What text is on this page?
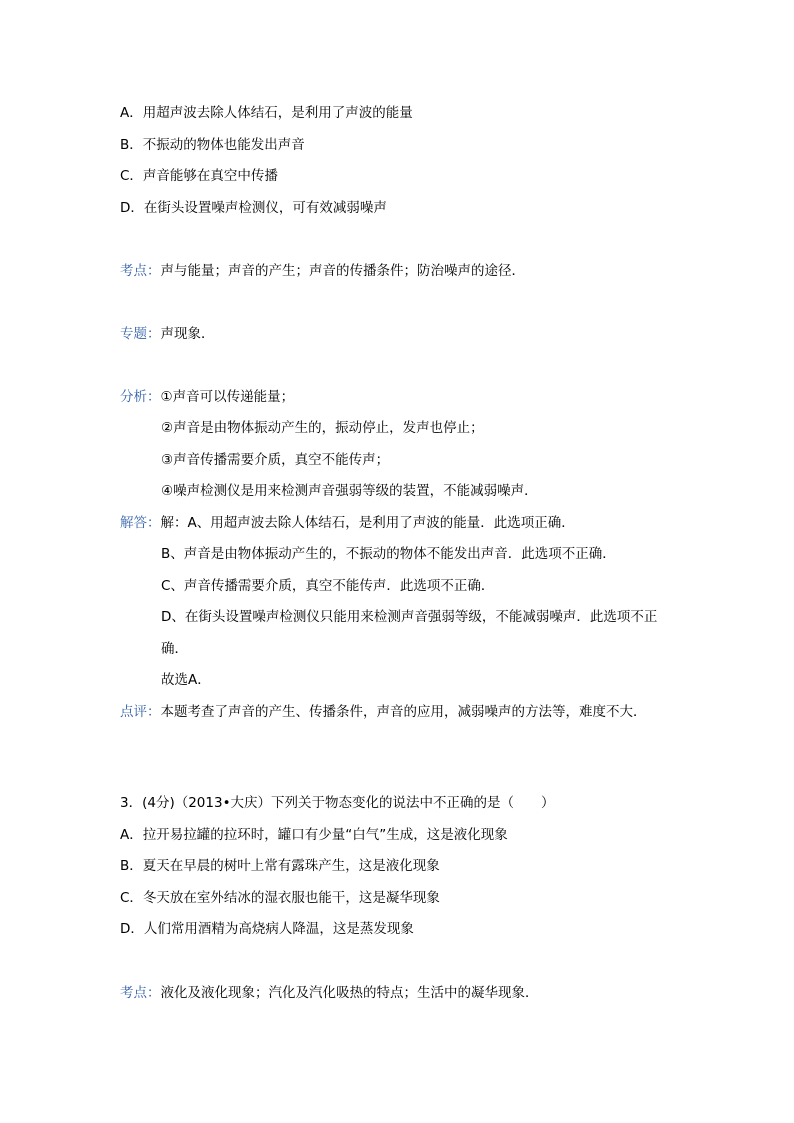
A．用超声波去除人体结石，是利用了声波的能量
B．不振动的物体也能发出声音
C．声音能够在真空中传播
D．在街头设置噪声检测仪，可有效减弱噪声
考点：声与能量；声音的产生；声音的传播条件；防治噪声的途径．
专题：声现象．
分析：①声音可以传递能量；
②声音是由物体振动产生的，振动停止，发声也停止；
③声音传播需要介质，真空不能传声；
④噪声检测仪是用来检测声音强弱等级的装置，不能减弱噪声．
解答：解：A、用超声波去除人体结石，是利用了声波的能量．此选项正确．
B、声音是由物体振动产生的，不振动的物体不能发出声音．此选项不正确．
C、声音传播需要介质，真空不能传声．此选项不正确．
D、在街头设置噪声检测仪只能用来检测声音强弱等级，不能减弱噪声．此选项不正
确．
故选A．
点评：本题考查了声音的产生、传播条件，声音的应用，减弱噪声的方法等，难度不大．
3．(4分)（2013•大庆）下列关于物态变化的说法中不正确的是（　　）
A．拉开易拉罐的拉环时，罐口有少量“白气”生成，这是液化现象
B．夏天在早晨的树叶上常有露珠产生，这是液化现象
C．冬天放在室外结冰的湿衣服也能干，这是凝华现象
D．人们常用酒精为高烧病人降温，这是蒸发现象
考点：液化及液化现象；汽化及汽化吸热的特点；生活中的凝华现象．
